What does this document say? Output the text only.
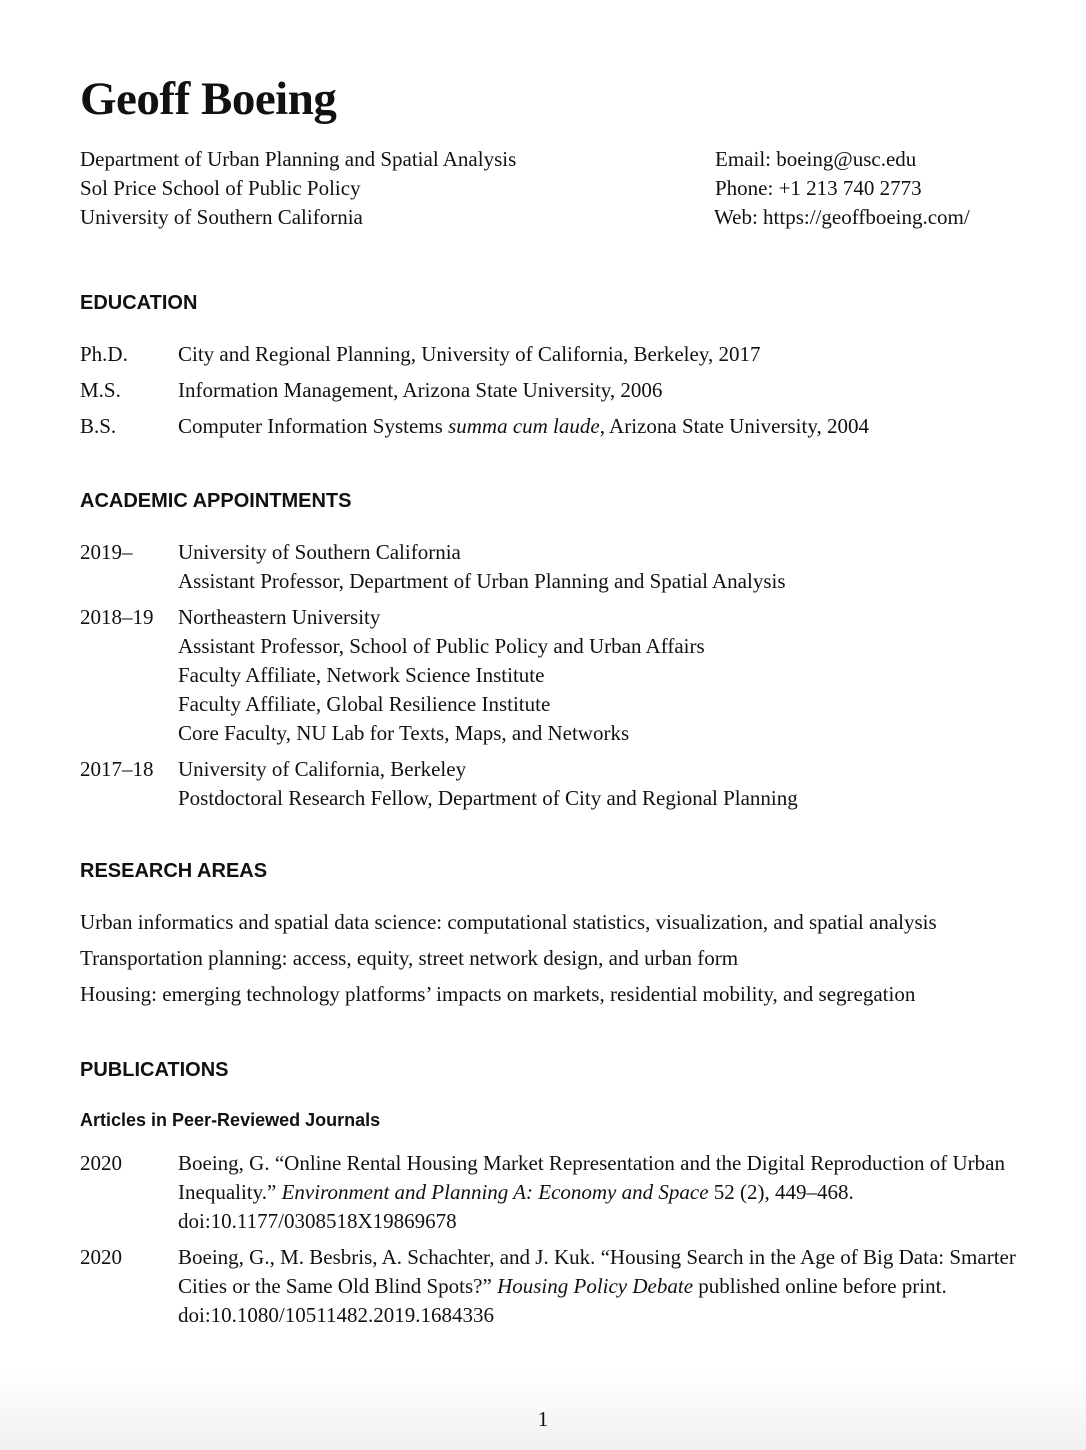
Geoff Boeing
Department of Urban Planning and Spatial Analysis
Sol Price School of Public Policy
University of Southern California
Email: boeing@usc.edu
Phone: +1 213 740 2773
Web: https://geoffboeing.com/
EDUCATION
Ph.D.	City and Regional Planning, University of California, Berkeley, 2017
M.S.	Information Management, Arizona State University, 2006
B.S.	Computer Information Systems summa cum laude, Arizona State University, 2004
ACADEMIC APPOINTMENTS
2019–	University of Southern California
Assistant Professor, Department of Urban Planning and Spatial Analysis
2018–19	Northeastern University
Assistant Professor, School of Public Policy and Urban Affairs
Faculty Affiliate, Network Science Institute
Faculty Affiliate, Global Resilience Institute
Core Faculty, NU Lab for Texts, Maps, and Networks
2017–18	University of California, Berkeley
Postdoctoral Research Fellow, Department of City and Regional Planning
RESEARCH AREAS
Urban informatics and spatial data science: computational statistics, visualization, and spatial analysis
Transportation planning: access, equity, street network design, and urban form
Housing: emerging technology platforms’ impacts on markets, residential mobility, and segregation
PUBLICATIONS
Articles in Peer-Reviewed Journals
2020	Boeing, G. “Online Rental Housing Market Representation and the Digital Reproduction of Urban Inequality.” Environment and Planning A: Economy and Space 52 (2), 449–468. doi:10.1177/0308518X19869678
2020	Boeing, G., M. Besbris, A. Schachter, and J. Kuk. “Housing Search in the Age of Big Data: Smarter Cities or the Same Old Blind Spots?” Housing Policy Debate published online before print. doi:10.1080/10511482.2019.1684336
1
